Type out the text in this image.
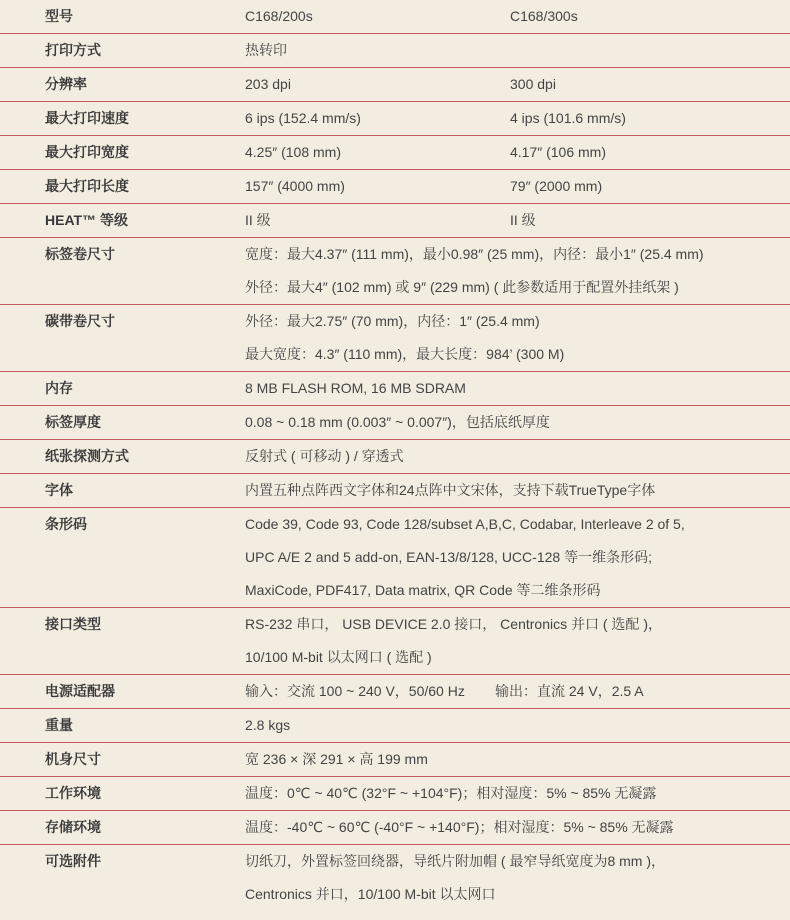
型号	C168/200s	C168/300s
打印方式	热转印
分辨率	203 dpi	300 dpi
最大打印速度	6 ips (152.4 mm/s)	4 ips (101.6 mm/s)
最大打印宽度	4.25″ (108 mm)	4.17″ (106 mm)
最大打印长度	157″ (4000 mm)	79″ (2000 mm)
HEAT™ 等级	II 级	II 级
标签卷尺寸	宽度：最大4.37″ (111 mm)，最小0.98″ (25 mm)，内径：最小1″ (25.4 mm)
外径：最大4″ (102 mm) 或 9″ (229 mm) ( 此参数适用于配置外挂纸架 )
碳带卷尺寸	外径：最大2.75″ (70 mm)，内径：1″ (25.4 mm)
最大宽度：4.3″ (110 mm)，最大长度：984’ (300 M)
内存	8 MB FLASH ROM, 16 MB SDRAM
标签厚度	0.08 ~ 0.18 mm (0.003″ ~ 0.007″)，包括底纸厚度
纸张探测方式	反射式 ( 可移动 ) / 穿透式
字体	内置五种点阵西文字体和24点阵中文宋体，支持下载TrueType字体
条形码	Code 39, Code 93, Code 128/subset A,B,C, Codabar, Interleave 2 of 5,
UPC A/E 2 and 5 add-on, EAN-13/8/128, UCC-128 等一维条形码;
MaxiCode, PDF417, Data matrix, QR Code 等二维条形码
接口类型	RS-232 串口， USB DEVICE 2.0 接口， Centronics 并口 ( 选配 )，
10/100 M-bit 以太网口 ( 选配 )
电源适配器	输入：交流 100 ~ 240 V，50/60 Hz	输出：直流 24 V，2.5 A
重量	2.8 kgs
机身尺寸	宽 236 × 深 291 × 高 199 mm
工作环境	温度：0℃ ~ 40℃ (32°F ~ +104°F)；相对湿度：5% ~ 85% 无凝露
存储环境	温度：-40℃ ~ 60℃ (-40°F ~ +140°F)；相对湿度：5% ~ 85% 无凝露
可选附件	切纸刀，外置标签回绕器，导纸片附加帽 ( 最窄导纸宽度为8 mm )，
Centronics 并口，10/100 M-bit 以太网口
